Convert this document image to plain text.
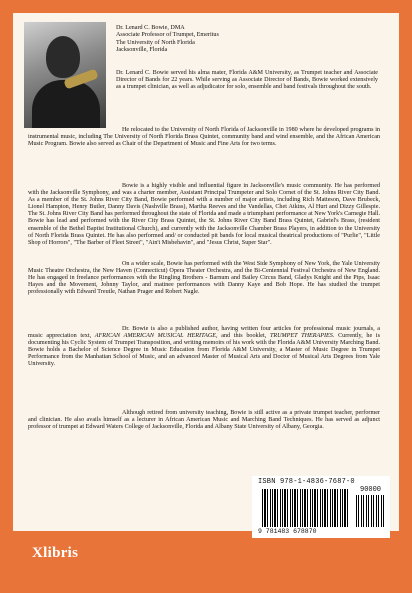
Dr. Lenard C. Bowie, DMA
Associate Professor of Trumpet, Emeritus
The University of North Florida
Jacksonville, Florida

Dr. Lenard C. Bowie served his alma mater, Florida A&M University, as Trumpet teacher and Associate Director of Bands for 22 years. While serving as Associate Director of Bands, Bowie worked extensively as a trumpet clinician, as well as adjudicator for solo, ensemble and band festivals throughout the south.

He relocated to the University of North Florida of Jacksonville in 1980 where he developed programs in instrumental music, including The University of North Florida Brass Quintet, community band and wind ensemble, and the African American Music Program. Bowie also served as Chair of the Department of Music and Fine Arts for two terms.

Bowie is a highly visible and influential figure in Jacksonville's music community. He has performed with the Jacksonville Symphony, and was a charter member, Assistant Principal Trumpeter and Solo Cornet of the St. Johns River City Band. As a member of the St. Johns River City Band, Bowie performed with a number of major artists, including Rich Matteson, Dave Brubeck, Lionel Hampton, Henry Butler, Danny Davis (Nashville Brass), Martha Reeves and the Vandellas, Chet Atkins, Al Hurt and Dizzy Gillespie. The St. Johns River City Band has performed throughout the state of Florida and made a triumphant performance at New York's Carnegie Hall. Bowie has lead and performed with the River City Brass Quintet, the St. Johns River City Band Brass Quintet, Gabriel's Brass, (resident ensemble of the Bethel Baptist Institutional Church), and currently with the Jacksonville Chamber Brass Players, in addition to the University of North Florida Brass Quintet. He has also performed and/ or conducted pit bands for local musical theatrical productions of "Purlie", "Little Shop of Horrors", "The Barber of Fleet Street", "Ain't Misbehavin", and "Jesus Christ, Super Star".

On a wider scale, Bowie has performed with the West Side Symphony of New York, the Yale University Music Theatre Orchestra, the New Haven (Connecticut) Opera Theater Orchestra, and the Bi-Centennial Festival Orchestra of New England. He has engaged in freelance performances with the Ringling Brothers - Barnum and Bailey Circus Band, Gladys Knight and the Pips, Isaac Hayes and the Movement, Johnny Taylor, and matinee performances with Danny Kaye and Bob Hope. He has studied the trumpet professionally with Edward Treutle, Nathan Prager and Robert Nagle.

Dr. Bowie is also a published author, having written four articles for professional music journals, a music appreciation text, AFRICAN AMERICAN MUSICAL HERITAGE, and this booklet, TRUMPET THERAPIES. Currently, he is documenting his Cyclic System of Trumpet Transposition, and writing memoirs of his work with the Florida A&M University Marching Band. Bowie holds a Bachelor of Science Degree in Music Education from Florida A&M University, a Master of Music Degree in Trumpet Performance from the Manhattan School of Music, and an advanced Master of Musical Arts and Doctor of Musical Arts Degrees from Yale University.

Although retired from university teaching, Bowie is still active as a private trumpet teacher, performer and clinician. He also avails himself as a lecturer in African American Music and Marching Band Techniques. He has served as adjunct professor of trumpet at Edward Waters College of Jacksonville, Florida and Albany State University of Albany, Georgia.

Xlibris
ISBN 978-1-4836-7687-0
90000
9 781483 678870
